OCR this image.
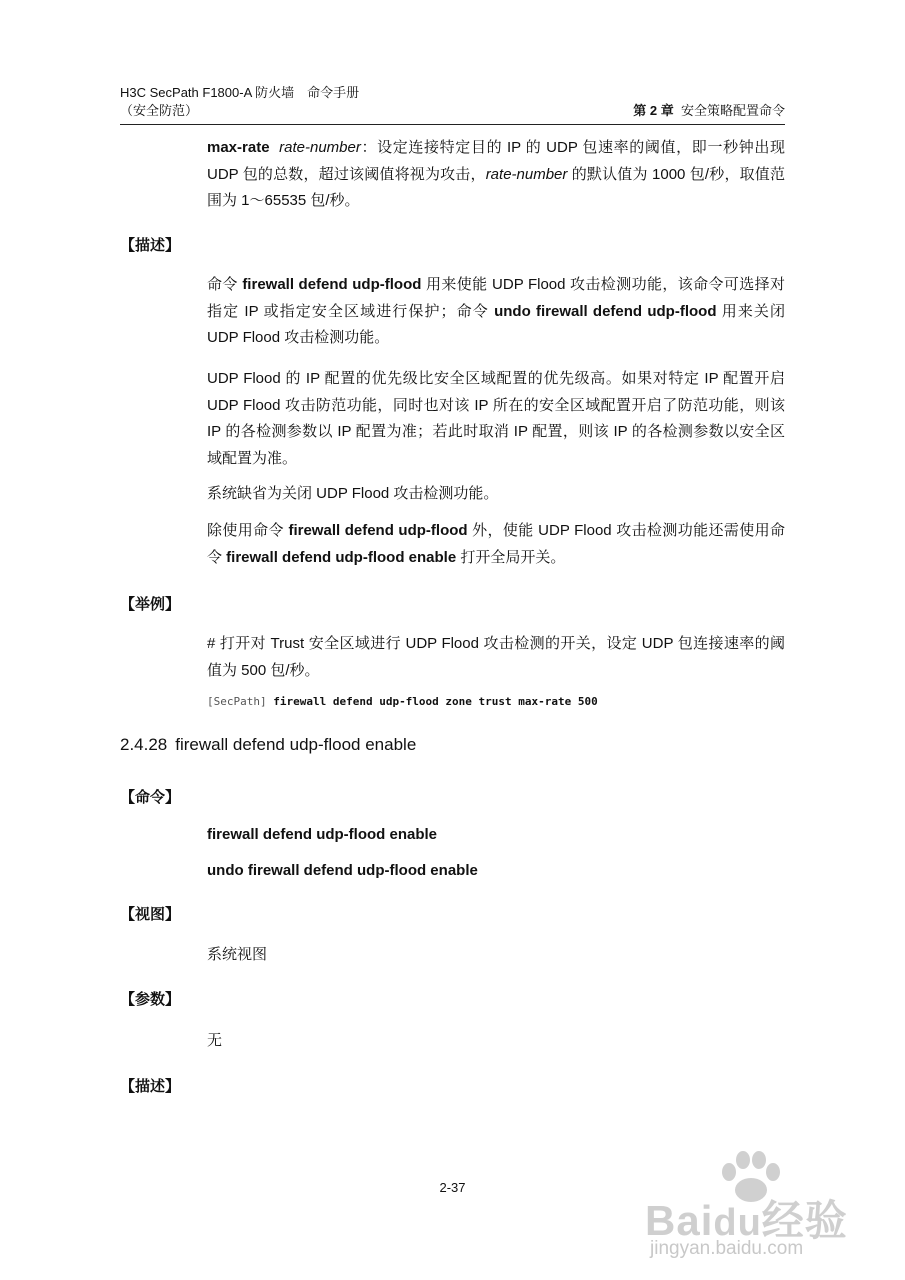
H3C SecPath F1800-A 防火墙　命令手册
（安全防范）	第 2 章 安全策略配置命令
max-rate rate-number：设定连接特定目的 IP 的 UDP 包速率的阈值，即一秒钟出现 UDP 包的总数，超过该阈值将视为攻击，rate-number 的默认值为 1000 包/秒，取值范围为 1～65535 包/秒。
【描述】
命令 firewall defend udp-flood 用来使能 UDP Flood 攻击检测功能，该命令可选择对指定 IP 或指定安全区域进行保护；命令 undo firewall defend udp-flood 用来关闭 UDP Flood 攻击检测功能。
UDP Flood 的 IP 配置的优先级比安全区域配置的优先级高。如果对特定 IP 配置开启 UDP Flood 攻击防范功能，同时也对该 IP 所在的安全区域配置开启了防范功能，则该 IP 的各检测参数以 IP 配置为准；若此时取消 IP 配置，则该 IP 的各检测参数以安全区域配置为准。
系统缺省为关闭 UDP Flood 攻击检测功能。
除使用命令 firewall defend udp-flood 外，使能 UDP Flood 攻击检测功能还需使用命令 firewall defend udp-flood enable 打开全局开关。
【举例】
# 打开对 Trust 安全区域进行 UDP Flood 攻击检测的开关，设定 UDP 包连接速率的阈值为 500 包/秒。
[SecPath] firewall defend udp-flood zone trust max-rate 500
2.4.28 firewall defend udp-flood enable
【命令】
firewall defend udp-flood enable
undo firewall defend udp-flood enable
【视图】
系统视图
【参数】
无
【描述】
2-37
Baidu经验
jingyan.baidu.com
